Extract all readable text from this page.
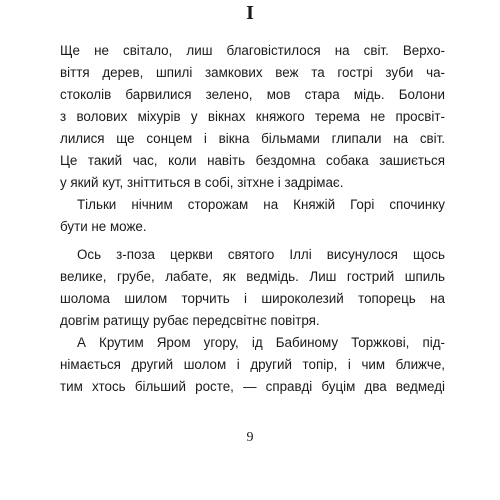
І
Ще не світало, лиш благовістилося на світ. Верхо-
віття дерев, шпилі замкових веж та гострі зуби ча-
стоколів барвилися зелено, мов стара мідь. Болони
з волових міхурів у вікнах княжого терема не просвіт-
лилися ще сонцем і вікна більмами глипали на світ.
Це такий час, коли навіть бездомна собака зашиється
у який кут, зніттиться в собі, зітхне і задрімає.
Тільки нічним сторожам на Княжій Горі спочинку
бути не може.
Ось з-поза церкви святого Іллі висунулося щось
велике, грубе, лабате, як ведмідь. Лиш гострий шпиль
шолома шилом торчить і широколезий топорець на
довгім ратищу рубає передсвітнє повітря.
А Крутим Яром угору, ід Бабиному Торжкові, під-
німається другий шолом і другий топір, і чим ближче,
тим хтось більший росте, — справді буцім два ведмеді
9
